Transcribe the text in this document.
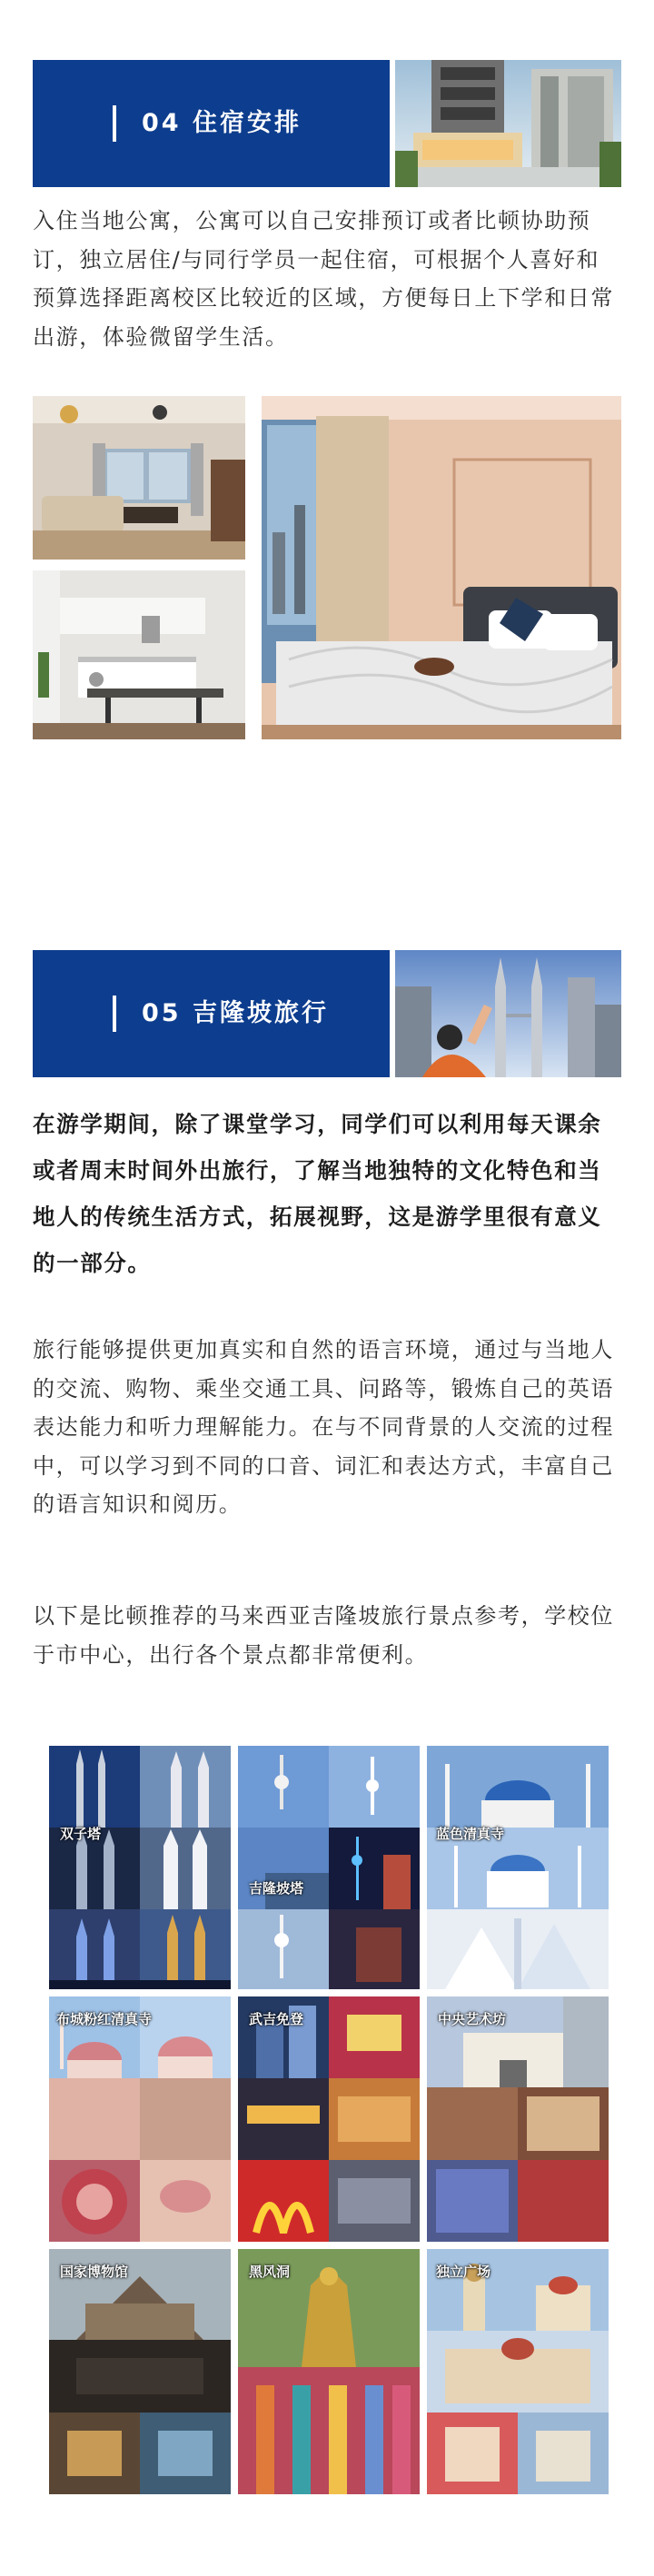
04 住宿安排

入住当地公寓，公寓可以自己安排预订或者比顿协助预订，独立居住/与同行学员一起住宿，可根据个人喜好和预算选择距离校区比较近的区域，方便每日上下学和日常出游，体验微留学生活。

05 吉隆坡旅行

在游学期间，除了课堂学习，同学们可以利用每天课余或者周末时间外出旅行，了解当地独特的文化特色和当地人的传统生活方式，拓展视野，这是游学里很有意义的一部分。

旅行能够提供更加真实和自然的语言环境，通过与当地人的交流、购物、乘坐交通工具、问路等，锻炼自己的英语表达能力和听力理解能力。在与不同背景的人交流的过程中，可以学习到不同的口音、词汇和表达方式，丰富自己的语言知识和阅历。

以下是比顿推荐的马来西亚吉隆坡旅行景点参考，学校位于市中心，出行各个景点都非常便利。

双子塔
吉隆坡塔
蓝色清真寺
布城粉红清真寺	武吉免登	中央艺术坊
国家博物馆	黑风洞	独立广场
